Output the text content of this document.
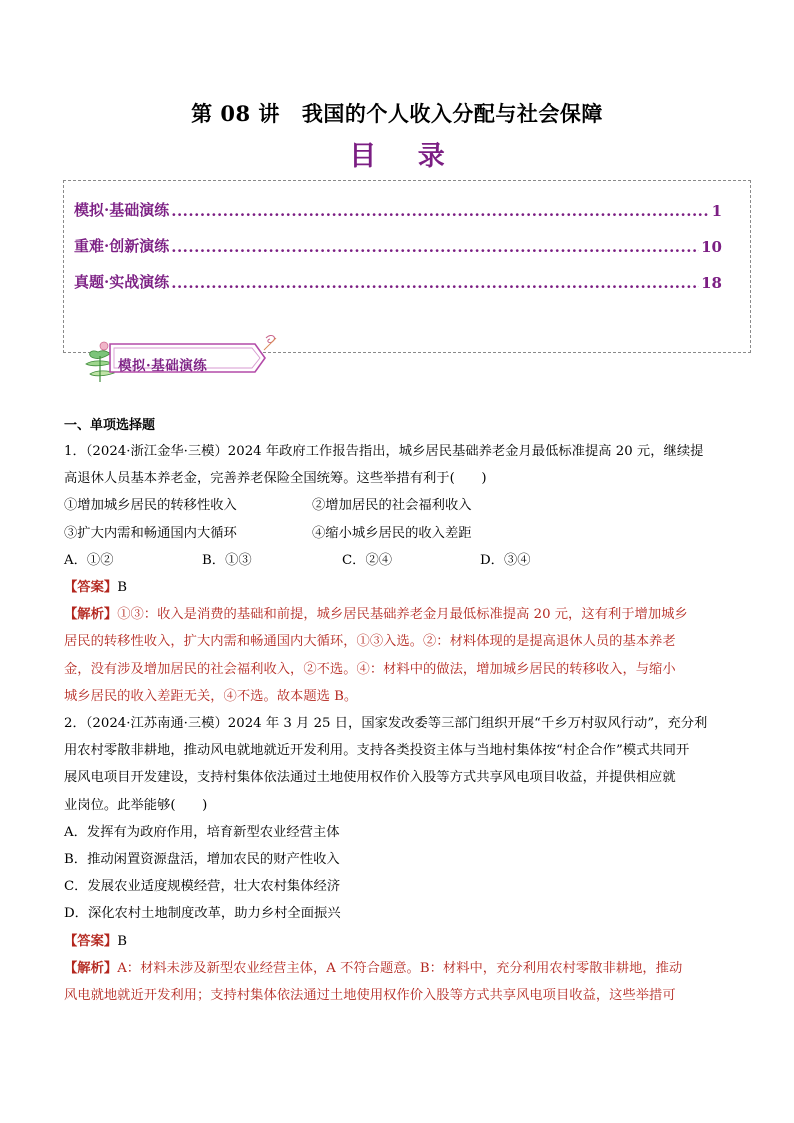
第 08 讲 我国的个人收入分配与社会保障
目 录
模拟·基础演练 .....	1
重难·创新演练 .....	10
真题·实战演练 .....	18
模拟·基础演练
一、单项选择题

1．（2024·浙江金华·三模）2024 年政府工作报告指出，城乡居民基础养老金月最低标准提高 20 元，继续提

高退休人员基本养老金，完善养老保险全国统筹。这些举措有利于(　　)

①增加城乡居民的转移性收入	②增加居民的社会福利收入
③扩大内需和畅通国内大循环	④缩小城乡居民的收入差距
A．①②	B．①③	C．②④	D．③④

【答案】B

【解析】①③：收入是消费的基础和前提，城乡居民基础养老金月最低标准提高 20 元，这有利于增加城乡

居民的转移性收入，扩大内需和畅通国内大循环，①③入选。②：材料体现的是提高退休人员的基本养老

金，没有涉及增加居民的社会福利收入，②不选。④：材料中的做法，增加城乡居民的转移收入，与缩小

城乡居民的收入差距无关，④不选。故本题选 B。

2．（2024·江苏南通·三模）2024 年 3 月 25 日，国家发改委等三部门组织开展“千乡万村驭风行动”，充分利

用农村零散非耕地，推动风电就地就近开发利用。支持各类投资主体与当地村集体按“村企合作”模式共同开

展风电项目开发建设，支持村集体依法通过土地使用权作价入股等方式共享风电项目收益，并提供相应就

业岗位。此举能够(　　)

A．发挥有为政府作用，培育新型农业经营主体

B．推动闲置资源盘活，增加农民的财产性收入

C．发展农业适度规模经营，壮大农村集体经济

D．深化农村土地制度改革，助力乡村全面振兴

【答案】B

【解析】A：材料未涉及新型农业经营主体，A 不符合题意。B：材料中，充分利用农村零散非耕地，推动

风电就地就近开发利用；支持村集体依法通过土地使用权作价入股等方式共享风电项目收益，这些举措可
